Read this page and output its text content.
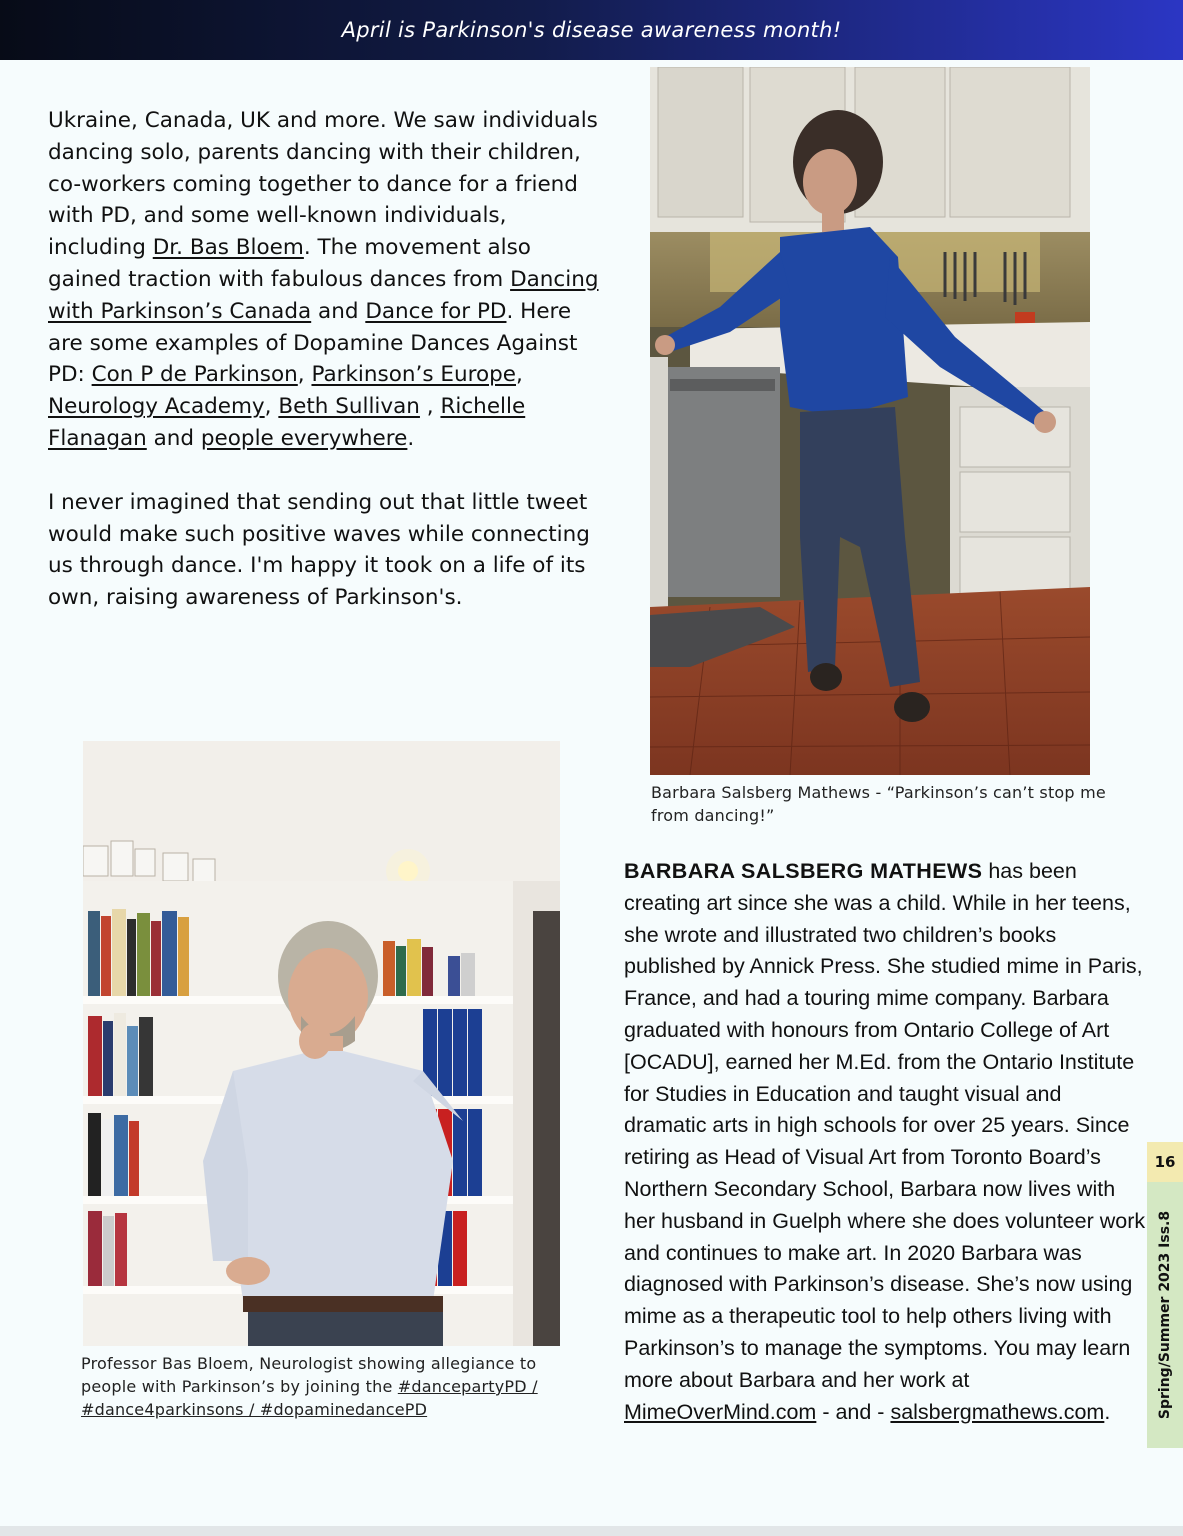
April is Parkinson's disease awareness month!

Ukraine, Canada, UK and more. We saw individuals dancing solo, parents dancing with their children, co-workers coming together to dance for a friend with PD, and some well-known individuals, including Dr. Bas Bloem. The movement also gained traction with fabulous dances from Dancing with Parkinson’s Canada and Dance for PD. Here are some examples of Dopamine Dances Against PD: Con P de Parkinson, Parkinson’s Europe, Neurology Academy, Beth Sullivan , Richelle Flanagan and people everywhere.

I never imagined that sending out that little tweet would make such positive waves while connecting us through dance. I'm happy it took on a life of its own, raising awareness of Parkinson's.

Barbara Salsberg Mathews - “Parkinson’s can’t stop me from dancing!”
Professor Bas Bloem, Neurologist showing allegiance to people with Parkinson’s by joining the #dancepartyPD / #dance4parkinsons / #dopaminedancePD
BARBARA SALSBERG MATHEWS has been creating art since she was a child. While in her teens, she wrote and illustrated two children’s books published by Annick Press. She studied mime in Paris, France, and had a touring mime company. Barbara graduated with honours from Ontario College of Art [OCADU], earned her M.Ed. from the Ontario Institute for Studies in Education and taught visual and dramatic arts in high schools for over 25 years. Since retiring as Head of Visual Art from Toronto Board’s Northern Secondary School, Barbara now lives with her husband in Guelph where she does volunteer work and continues to make art. In 2020 Barbara was diagnosed with Parkinson’s disease. She’s now using mime as a therapeutic tool to help others living with Parkinson’s to manage the symptoms. You may learn more about Barbara and her work at MimeOverMind.com - and - salsbergmathews.com.
16
Spring/Summer 2023 Iss.8
